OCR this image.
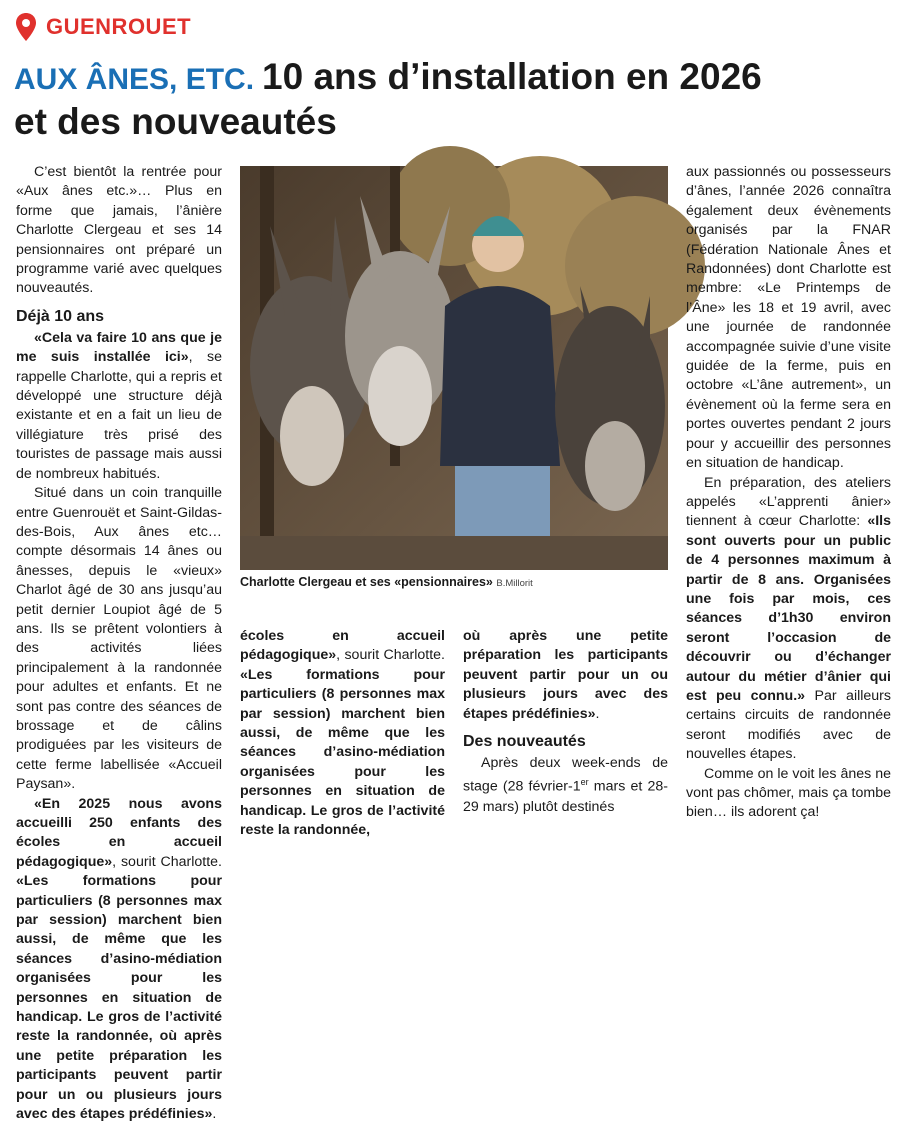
GUENROUET
AUX ÂNES, ETC. 10 ans d’installation en 2026
et des nouveautés

C’est bientôt la rentrée pour «Aux ânes etc.»… Plus en forme que jamais, l’ânière Charlotte Clergeau et ses 14 pensionnaires ont préparé un programme varié avec quelques nouveautés.

Déjà 10 ans

«Cela va faire 10 ans que je me suis installée ici», se rappelle Charlotte, qui a repris et développé une structure déjà existante et en a fait un lieu de villégiature très prisé des touristes de passage mais aussi de nombreux habitués.

Situé dans un coin tranquille entre Guenrouët et Saint-Gildas-des-Bois, Aux ânes etc… compte désormais 14 ânes ou ânesses, depuis le «vieux» Charlot âgé de 30 ans jusqu’au petit dernier Loupiot âgé de 5 ans. Ils se prêtent volontiers à des activités liées principalement à la randonnée pour adultes et enfants. Et ne sont pas contre des séances de brossage et de câlins prodiguées par les visiteurs de cette ferme labellisée «Accueil Paysan».

«En 2025 nous avons accueilli 250 enfants des écoles en accueil pédagogique», sourit Charlotte. «Les formations pour particuliers (8 personnes max par session) marchent bien aussi, de même que les séances d’asino-médiation organisées pour les personnes en situation de handicap. Le gros de l’activité reste la randonnée, où après une petite préparation les participants peuvent partir pour un ou plusieurs jours avec des étapes prédéfinies».

Charlotte Clergeau et ses «pensionnaires» B.Millorit

écoles en accueil pédagogique», sourit Charlotte. «Les formations pour particuliers (8 personnes max par session) marchent bien aussi, de même que les séances d’asino-médiation organisées pour les personnes en situation de handicap. Le gros de l’activité reste la randonnée,

où après une petite préparation les participants peuvent partir pour un ou plusieurs jours avec des étapes prédéfinies».

Des nouveautés

Après deux week-ends de stage (28 février-1er mars et 28-29 mars) plutôt destinés

aux passionnés ou possesseurs d’ânes, l’année 2026 connaîtra également deux évènements organisés par la FNAR (Fédération Nationale Ânes et Randonnées) dont Charlotte est membre: «Le Printemps de l’Âne» les 18 et 19 avril, avec une journée de randonnée accompagnée suivie d’une visite guidée de la ferme, puis en octobre «L’âne autrement», un évènement où la ferme sera en portes ouvertes pendant 2 jours pour y accueillir des personnes en situation de handicap.

En préparation, des ateliers appelés «L’apprenti ânier» tiennent à cœur Charlotte: «Ils sont ouverts pour un public de 4 personnes maximum à partir de 8 ans. Organisées une fois par mois, ces séances d’1h30 environ seront l’occasion de découvrir ou d’échanger autour du métier d’ânier qui est peu connu.» Par ailleurs certains circuits de randonnée seront modifiés avec de nouvelles étapes.

Comme on le voit les ânes ne vont pas chômer, mais ça tombe bien… ils adorent ça!
